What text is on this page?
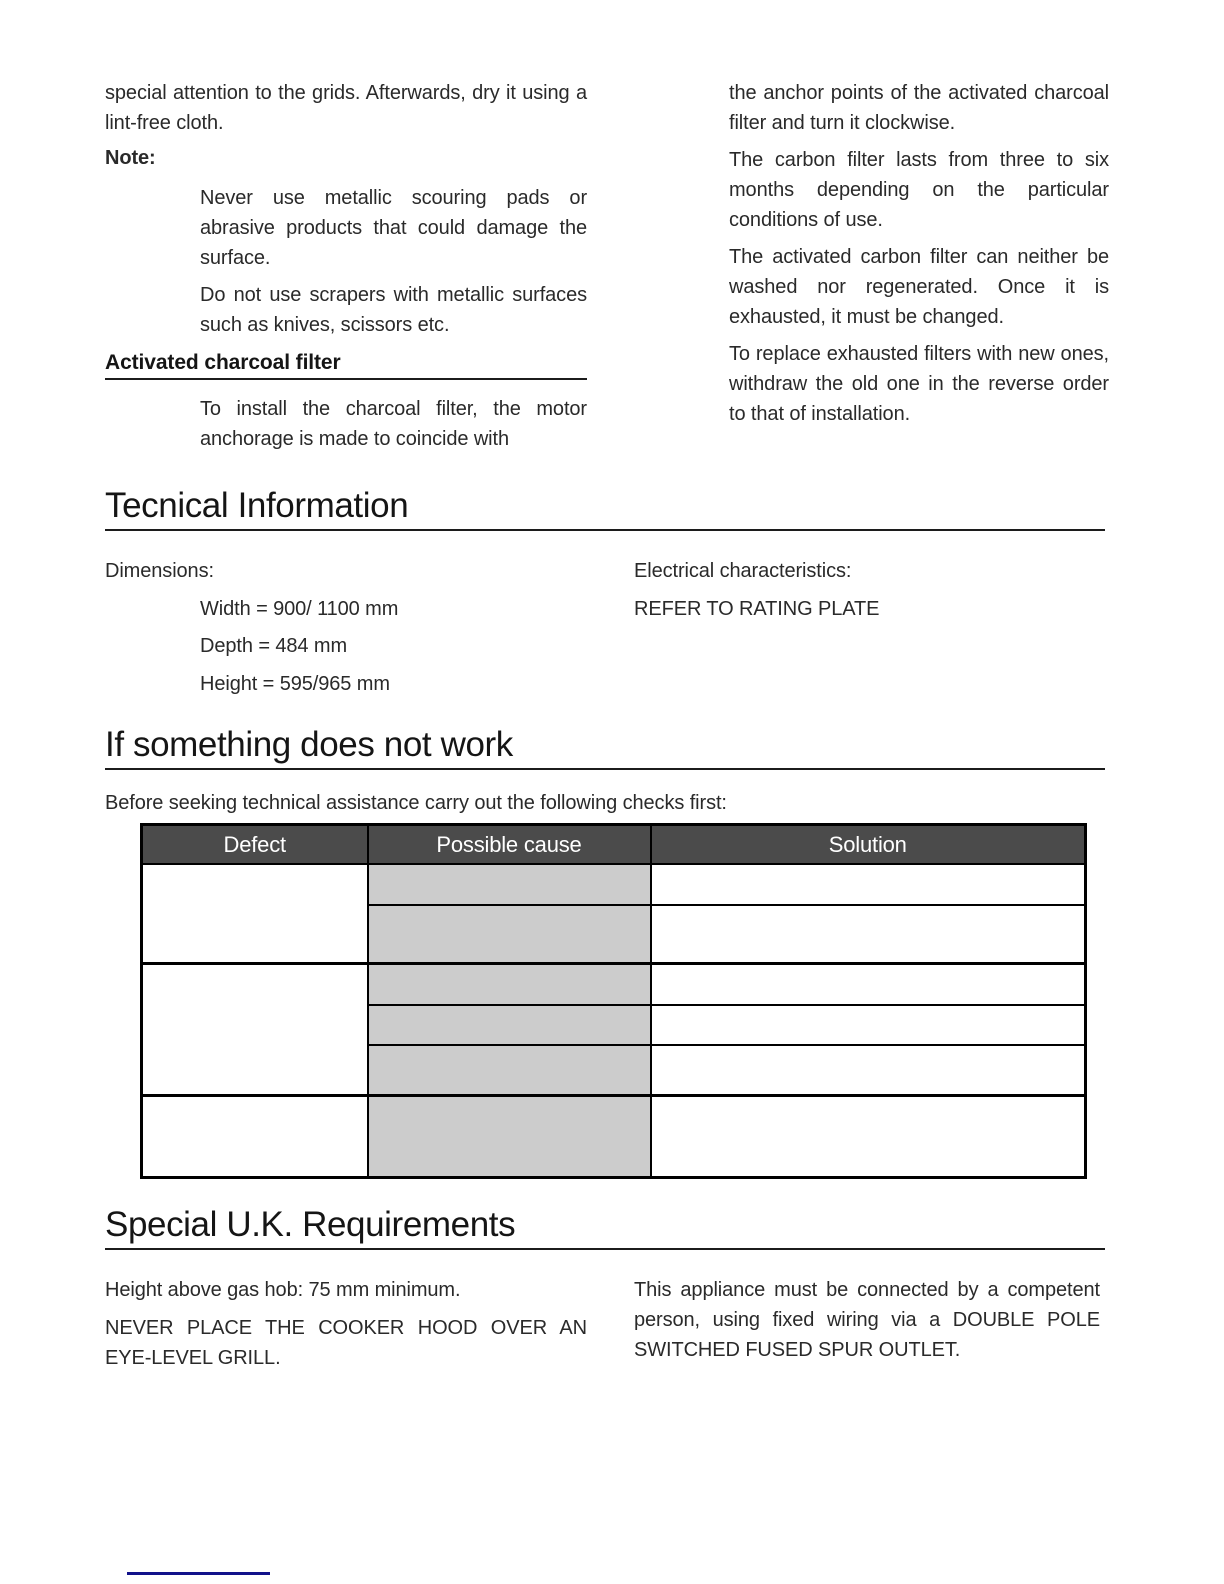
special attention to the grids. Afterwards, dry it using a lint-free cloth.

Note:

Never use metallic scouring pads or abrasive products that could damage the surface.

Do not use scrapers with metallic surfaces such as knives, scissors etc.

Activated charcoal filter

To install the charcoal filter, the motor anchorage is made to coincide with

the anchor points of the activated charcoal filter and turn it clockwise.

The carbon filter lasts from three to six months depending on the particular conditions of use.

The activated carbon filter can neither be washed nor regenerated. Once it is exhausted, it must be changed.

To replace exhausted filters with new ones, withdraw the old one in the reverse order to that of installation.

Tecnical Information
Dimensions:
Width = 900/ 1100 mm
Depth = 484 mm
Height = 595/965 mm
Electrical characteristics:
REFER TO RATING PLATE
If something does not work

Before seeking technical assistance carry out the following checks first:

Defect	Possible cause	Solution

Special U.K. Requirements

Height above gas hob: 75 mm minimum.

NEVER PLACE THE COOKER HOOD OVER AN EYE-LEVEL GRILL.

This appliance must be connected by a competent person, using fixed wiring via a DOUBLE POLE SWITCHED FUSED SPUR OUTLET.
